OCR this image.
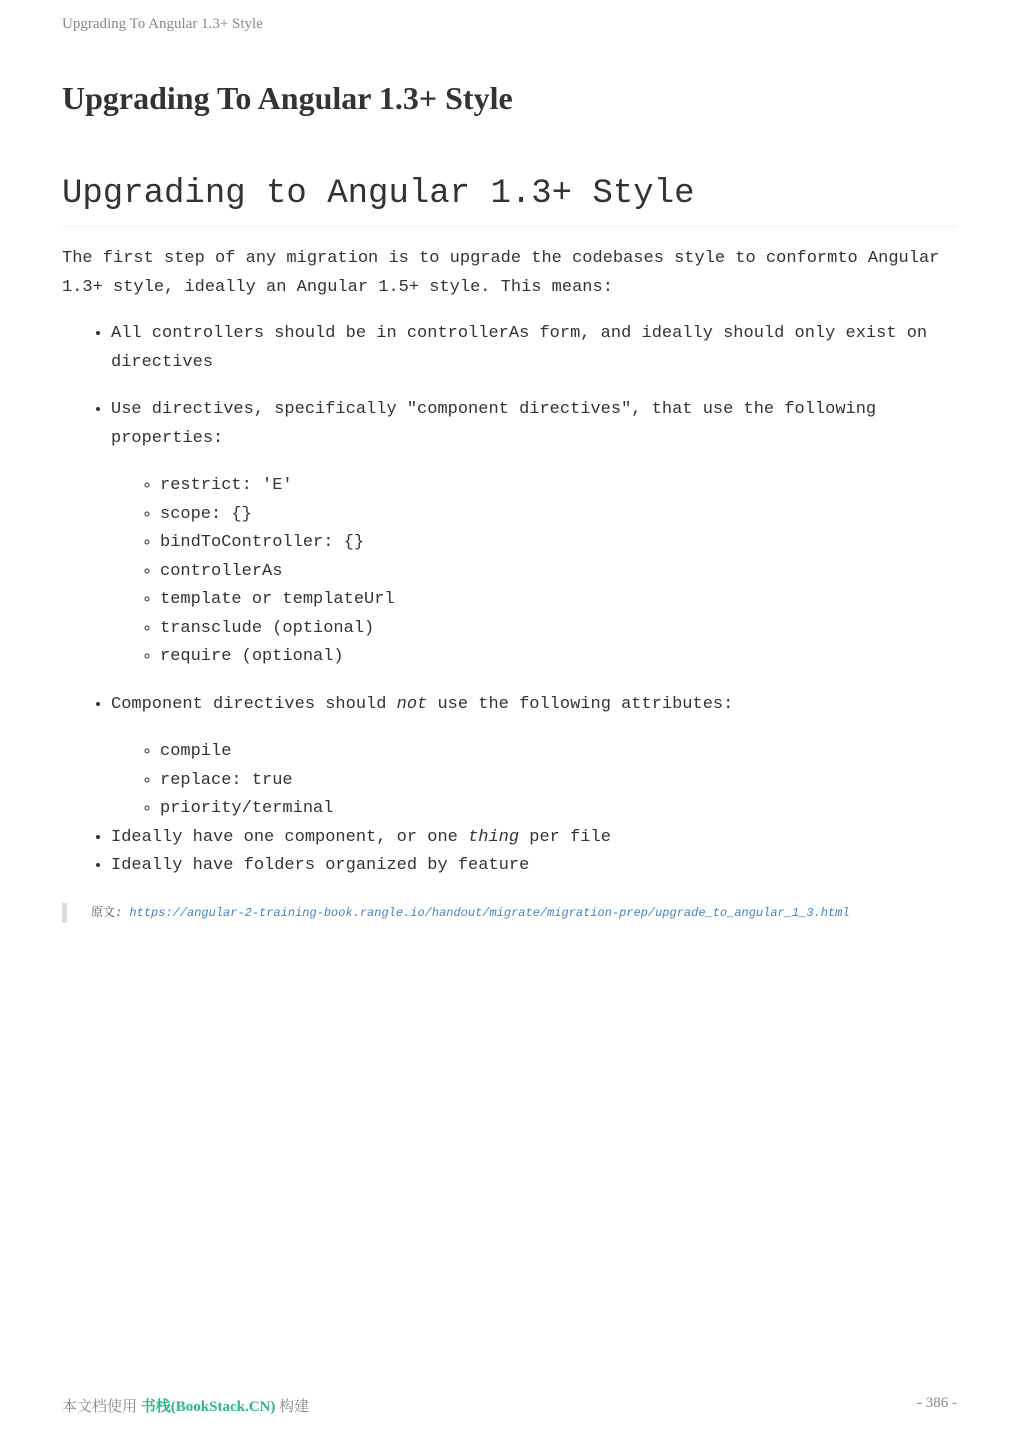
Upgrading To Angular 1.3+ Style
Upgrading To Angular 1.3+ Style
Upgrading to Angular 1.3+ Style

The first step of any migration is to upgrade the codebases style to conformto Angular 1.3+ style, ideally an Angular 1.5+ style. This means:

• All controllers should be in controllerAs form, and ideally should only exist on directives
• Use directives, specifically "component directives", that use the following properties:
◦ restrict: 'E'
◦ scope: {}
◦ bindToController: {}
◦ controllerAs
◦ template or templateUrl
◦ transclude (optional)
◦ require (optional)
• Component directives should not use the following attributes:
◦ compile
◦ replace: true
◦ priority/terminal
• Ideally have one component, or one thing per file
• Ideally have folders organized by feature
原文: https://angular-2-training-book.rangle.io/handout/migrate/migration-prep/upgrade_to_angular_1_3.html
本文档使用 书栈(BookStack.CN) 构建	- 386 -
